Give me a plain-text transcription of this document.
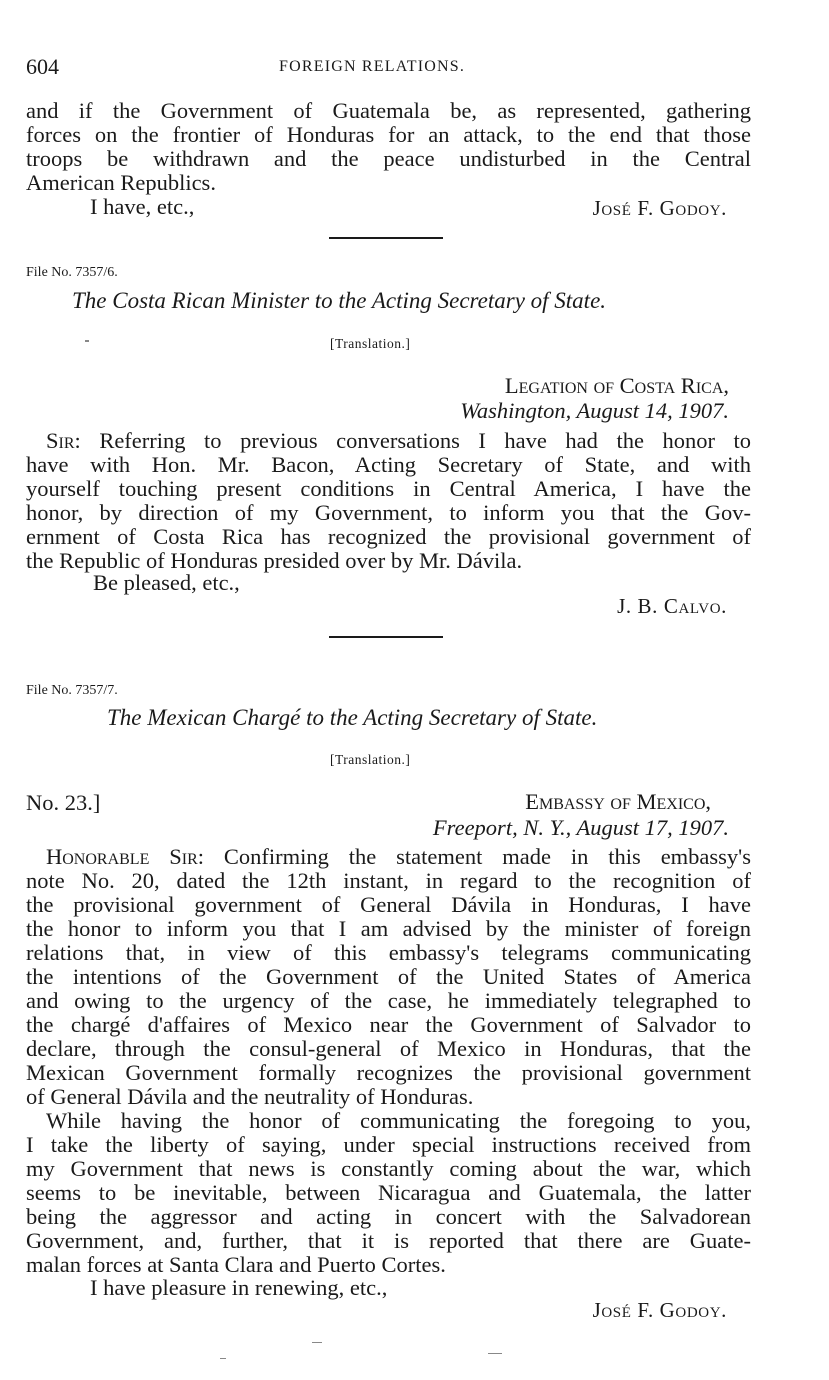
604	FOREIGN RELATIONS.
and if the Government of Guatemala be, as represented, gathering
forces on the frontier of Honduras for an attack, to the end that those
troops be withdrawn and the peace undisturbed in the Central
American Republics.
I have, etc.,	José F. Godoy.
File No. 7357/6.
The Costa Rican Minister to the Acting Secretary of State.
[Translation.]
Legation of Costa Rica,
Washington, August 14, 1907.
Sir: Referring to previous conversations I have had the honor to
have with Hon. Mr. Bacon, Acting Secretary of State, and with
yourself touching present conditions in Central America, I have the
honor, by direction of my Government, to inform you that the Gov-
ernment of Costa Rica has recognized the provisional government of
the Republic of Honduras presided over by Mr. Dávila.
Be pleased, etc.,
J. B. Calvo.
File No. 7357/7.
The Mexican Chargé to the Acting Secretary of State.
[Translation.]
No. 23.]	Embassy of Mexico,
Freeport, N. Y., August 17, 1907.
Honorable Sir: Confirming the statement made in this embassy's
note No. 20, dated the 12th instant, in regard to the recognition of
the provisional government of General Dávila in Honduras, I have
the honor to inform you that I am advised by the minister of foreign
relations that, in view of this embassy's telegrams communicating
the intentions of the Government of the United States of America
and owing to the urgency of the case, he immediately telegraphed to
the chargé d'affaires of Mexico near the Government of Salvador to
declare, through the consul-general of Mexico in Honduras, that the
Mexican Government formally recognizes the provisional government
of General Dávila and the neutrality of Honduras.
While having the honor of communicating the foregoing to you,
I take the liberty of saying, under special instructions received from
my Government that news is constantly coming about the war, which
seems to be inevitable, between Nicaragua and Guatemala, the latter
being the aggressor and acting in concert with the Salvadorean
Government, and, further, that it is reported that there are Guate-
malan forces at Santa Clara and Puerto Cortes.
I have pleasure in renewing, etc.,
José F. Godoy.
